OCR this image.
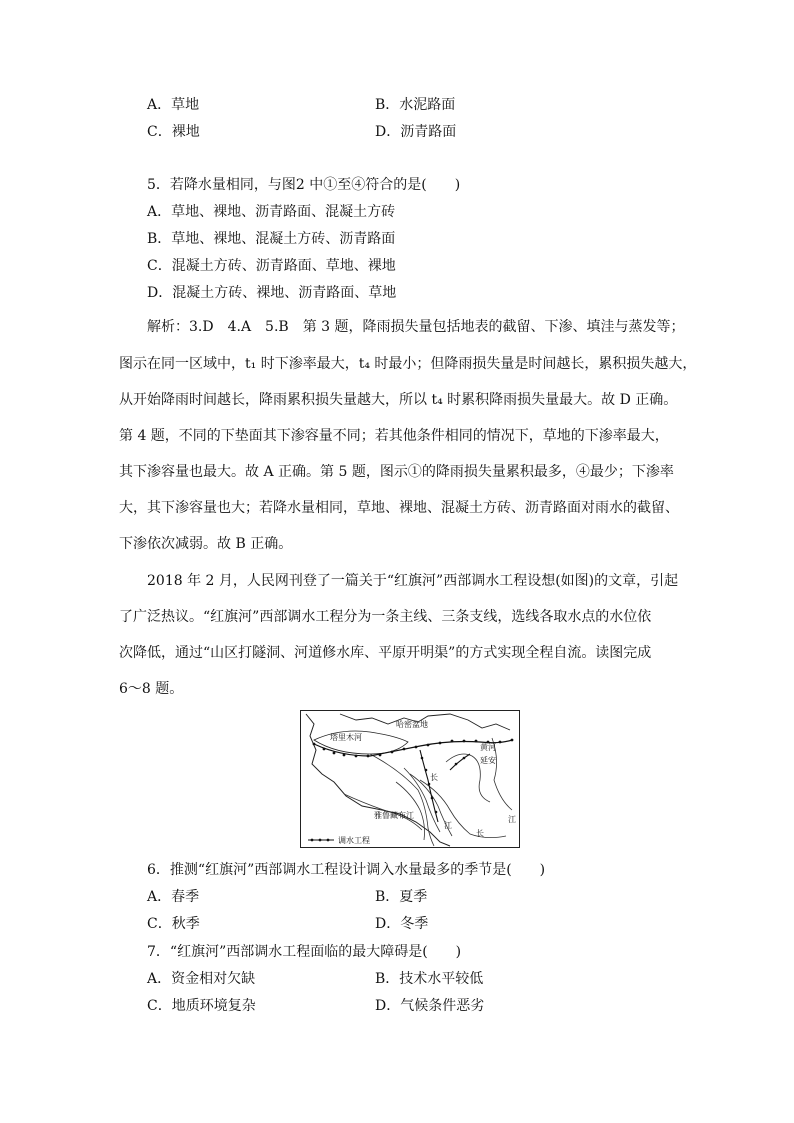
A．草地	B．水泥路面
C．裸地	D．沥青路面
5．若降水量相同，与图2 中①至④符合的是(　　)
A．草地、裸地、沥青路面、混凝土方砖
B．草地、裸地、混凝土方砖、沥青路面
C．混凝土方砖、沥青路面、草地、裸地
D．混凝土方砖、裸地、沥青路面、草地
解析：3.D　4.A　5.B　第 3 题，降雨损失量包括地表的截留、下渗、填洼与蒸发等；
图示在同一区域中，t₁ 时下渗率最大，t₄ 时最小；但降雨损失量是时间越长，累积损失越大，
从开始降雨时间越长，降雨累积损失量越大，所以 t₄ 时累积降雨损失量最大。故 D 正确。
第 4 题，不同的下垫面其下渗容量不同；若其他条件相同的情况下，草地的下渗率最大，
其下渗容量也最大。故 A 正确。第 5 题，图示①的降雨损失量累积最多，④最少；下渗率
大，其下渗容量也大；若降水量相同，草地、裸地、混凝土方砖、沥青路面对雨水的截留、
下渗依次减弱。故 B 正确。
2018 年 2 月，人民网刊登了一篇关于“红旗河”西部调水工程设想(如图)的文章，引起
了广泛热议。“红旗河”西部调水工程分为一条主线、三条支线，选线各取水点的水位依
次降低，通过“山区打隧洞、河道修水库、平原开明渠”的方式实现全程自流。读图完成
6～8 题。
哈密盆地
塔里木河
黄河
延安
长
雅鲁藏布江
江
江
长
调水工程
6．推测“红旗河”西部调水工程设计调入水量最多的季节是(　　)
A．春季	B．夏季
C．秋季	D．冬季
7．“红旗河”西部调水工程面临的最大障碍是(　　)
A．资金相对欠缺	B．技术水平较低
C．地质环境复杂	D．气候条件恶劣
